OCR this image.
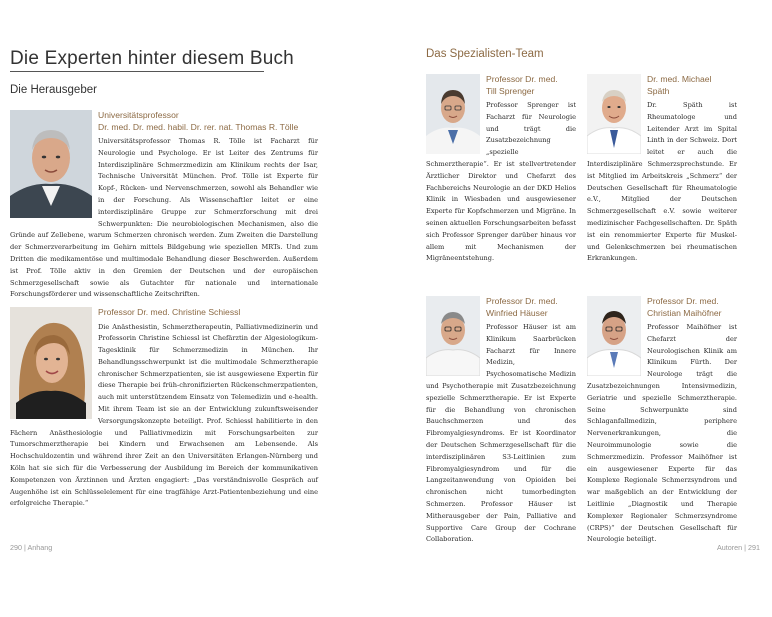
Die Experten hinter diesem Buch
Die Herausgeber
Universitätsprofessor
Dr. med. Dr. med. habil. Dr. rer. nat. Thomas R. Tölle

Universitätsprofessor Thomas R. Tölle ist Facharzt für Neurologie und Psychologe. Er ist Leiter des Zentrums für Interdisziplinäre Schmerzmedizin am Klinikum rechts der Isar, Technische Universität München. Prof. Tölle ist Experte für Kopf-, Rücken- und Nervenschmerzen, sowohl als Behandler wie in der Forschung. Als Wissenschaftler leitet er eine interdisziplinäre Gruppe zur Schmerzforschung mit drei Schwerpunkten: Die neurobiologischen Mechanismen, also die Gründe auf Zellebene, warum Schmerzen chronisch werden. Zum Zweiten die Darstellung der Schmerzverarbeitung im Gehirn mittels Bildgebung wie speziellen MRTs. Und zum Dritten die medikamentöse und multimodale Behandlung dieser Beschwerden. Außerdem ist Prof. Tölle aktiv in den Gremien der Deutschen und der europäischen Schmerzgesellschaft sowie als Gutachter für nationale und internationale Forschungsförderer und wissenschaftliche Zeitschriften.

Professor Dr. med. Christine Schiessl

Die Anästhesistin, Schmerztherapeutin, Palliativmedizinerin und Professorin Christine Schiessl ist Chefärztin der Algesiologikum-Tagesklinik für Schmerzmedizin in München. Ihr Behandlungsschwerpunkt ist die multimodale Schmerztherapie chronischer Schmerzpatienten, sie ist ausgewiesene Expertin für diese Therapie bei früh-chronifizierten Rückenschmerzpatienten, auch mit unterstützendem Einsatz von Telemedizin und e-health. Mit ihrem Team ist sie an der Entwicklung zukunftsweisender Versorgungskonzepte beteiligt. Prof. Schiessl habilitierte in den Fächern Anästhesiologie und Palliativmedizin mit Forschungsarbeiten zur Tumorschmerztherapie bei Kindern und Erwachsenen am Lebensende. Als Hochschuldozentin und während ihrer Zeit an den Universitäten Erlangen-Nürnberg und Köln hat sie sich für die Verbesserung der Ausbildung im Bereich der kommunikativen Kompetenzen von Ärztinnen und Ärzten engagiert: „Das verständnisvolle Gespräch auf Augenhöhe ist ein Schlüsselelement für eine tragfähige Arzt-Patientenbeziehung und eine erfolgreiche Therapie.“

290 | Anhang
Das Spezialisten-Team
Professor Dr. med.
Till Sprenger

Professor Sprenger ist Facharzt für Neurologie und trägt die Zusatzbezeichnung „spezielle Schmerztherapie“. Er ist stellvertretender Ärztlicher Direktor und Chefarzt des Fachbereichs Neurologie an der DKD Helios Klinik in Wiesbaden und ausgewiesener Experte für Kopfschmerzen und Migräne. In seinen aktuellen Forschungsarbeiten befasst sich Professor Sprenger darüber hinaus vor allem mit Mechanismen der Migräneentstehung.

Dr. med. Michael
Späth

Dr. Späth ist Rheumatologe und Leitender Arzt im Spital Linth in der Schweiz. Dort leitet er auch die Interdisziplinäre Schmerzsprechstunde. Er ist Mitglied im Arbeitskreis „Schmerz“ der Deutschen Gesellschaft für Rheumatologie e.V., Mitglied der Deutschen Schmerzgesellschaft e.V. sowie weiterer medizinischer Fachgesellschaften. Dr. Späth ist ein renommierter Experte für Muskel- und Gelenkschmerzen bei rheumatischen Erkrankungen.

Professor Dr. med.
Winfried Häuser

Professor Häuser ist am Klinikum Saarbrücken Facharzt für Innere Medizin, Psychosomatische Medizin und Psychotherapie mit Zusatzbezeichnung spezielle Schmerztherapie. Er ist Experte für die Behandlung von chronischen Bauchschmerzen und des Fibromyalgiesyndroms. Er ist Koordinator der Deutschen Schmerzgesellschaft für die interdisziplinären S3-Leitlinien zum Fibromyalgiesyndrom und für die Langzeitanwendung von Opioiden bei chronischen nicht tumorbedingten Schmerzen. Professor Häuser ist Mitherausgeber der Pain, Palliative and Supportive Care Group der Cochrane Collaboration.

Professor Dr. med.
Christian Maihöfner

Professor Maihöfner ist Chefarzt der Neurologischen Klinik am Klinikum Fürth. Der Neurologe trägt die Zusatzbezeichnungen Intensivmedizin, Geriatrie und spezielle Schmerztherapie. Seine Schwerpunkte sind Schlaganfallmedizin, periphere Nervenerkrankungen, die Neuroimmunologie sowie die Schmerzmedizin. Professor Maihöfner ist ein ausgewiesener Experte für das Komplexe Regionale Schmerzsyndrom und war maßgeblich an der Entwicklung der Leitlinie „Diagnostik und Therapie Komplexer Regionaler Schmerzsyndrome (CRPS)“ der Deutschen Gesellschaft für Neurologie beteiligt.

Autoren | 291
